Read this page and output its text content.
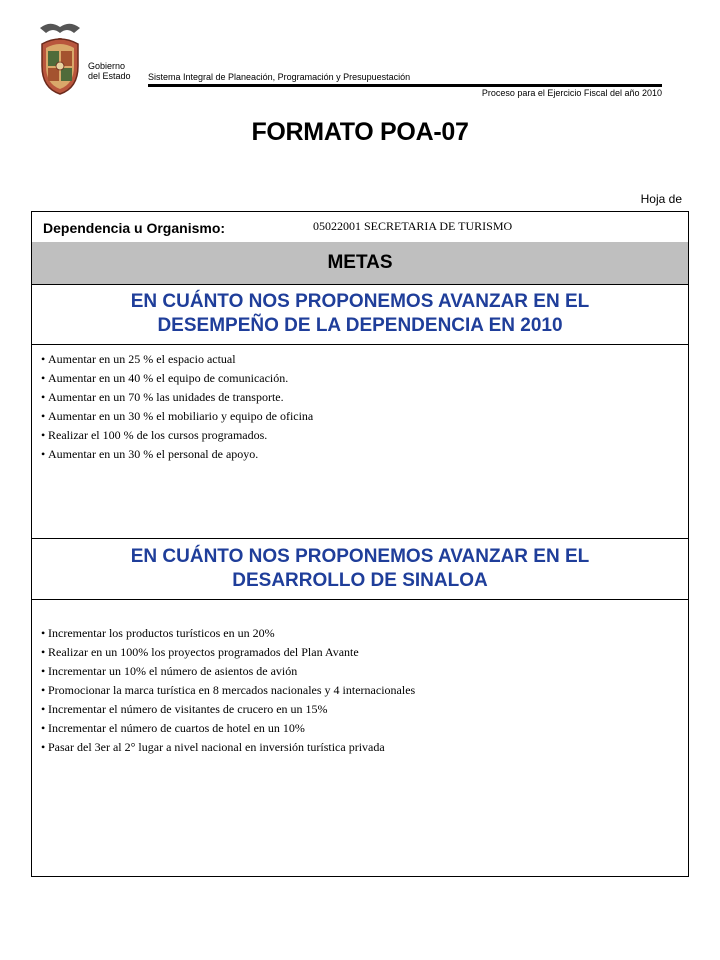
Gobierno
del Estado Sistema Integral de Planeación, Programación y Presupuestación
Proceso para el Ejercicio Fiscal del año 2010
FORMATO POA-07
Hoja de
Dependencia u Organismo:	05022001 SECRETARIA DE TURISMO
METAS
EN CUÁNTO NOS PROPONEMOS AVANZAR EN EL
DESEMPEÑO DE LA DEPENDENCIA EN 2010
• Aumentar en un 25 % el espacio actual
• Aumentar en un 40 % el equipo de comunicación.
• Aumentar en un 70 % las unidades de transporte.
• Aumentar en un 30 % el mobiliario y equipo de oficina
• Realizar el 100 % de los cursos programados.
• Aumentar en un 30 % el personal de apoyo.
EN CUÁNTO NOS PROPONEMOS AVANZAR EN EL
DESARROLLO DE SINALOA
• Incrementar los productos turísticos en un 20%
• Realizar en un 100% los proyectos programados del Plan Avante
• Incrementar un 10% el número de asientos de avión
• Promocionar la marca turística en 8 mercados nacionales y 4 internacionales
• Incrementar el número de visitantes de crucero en un 15%
• Incrementar el número de cuartos de hotel en un 10%
• Pasar del 3er al 2° lugar a nivel nacional en inversión turística privada
